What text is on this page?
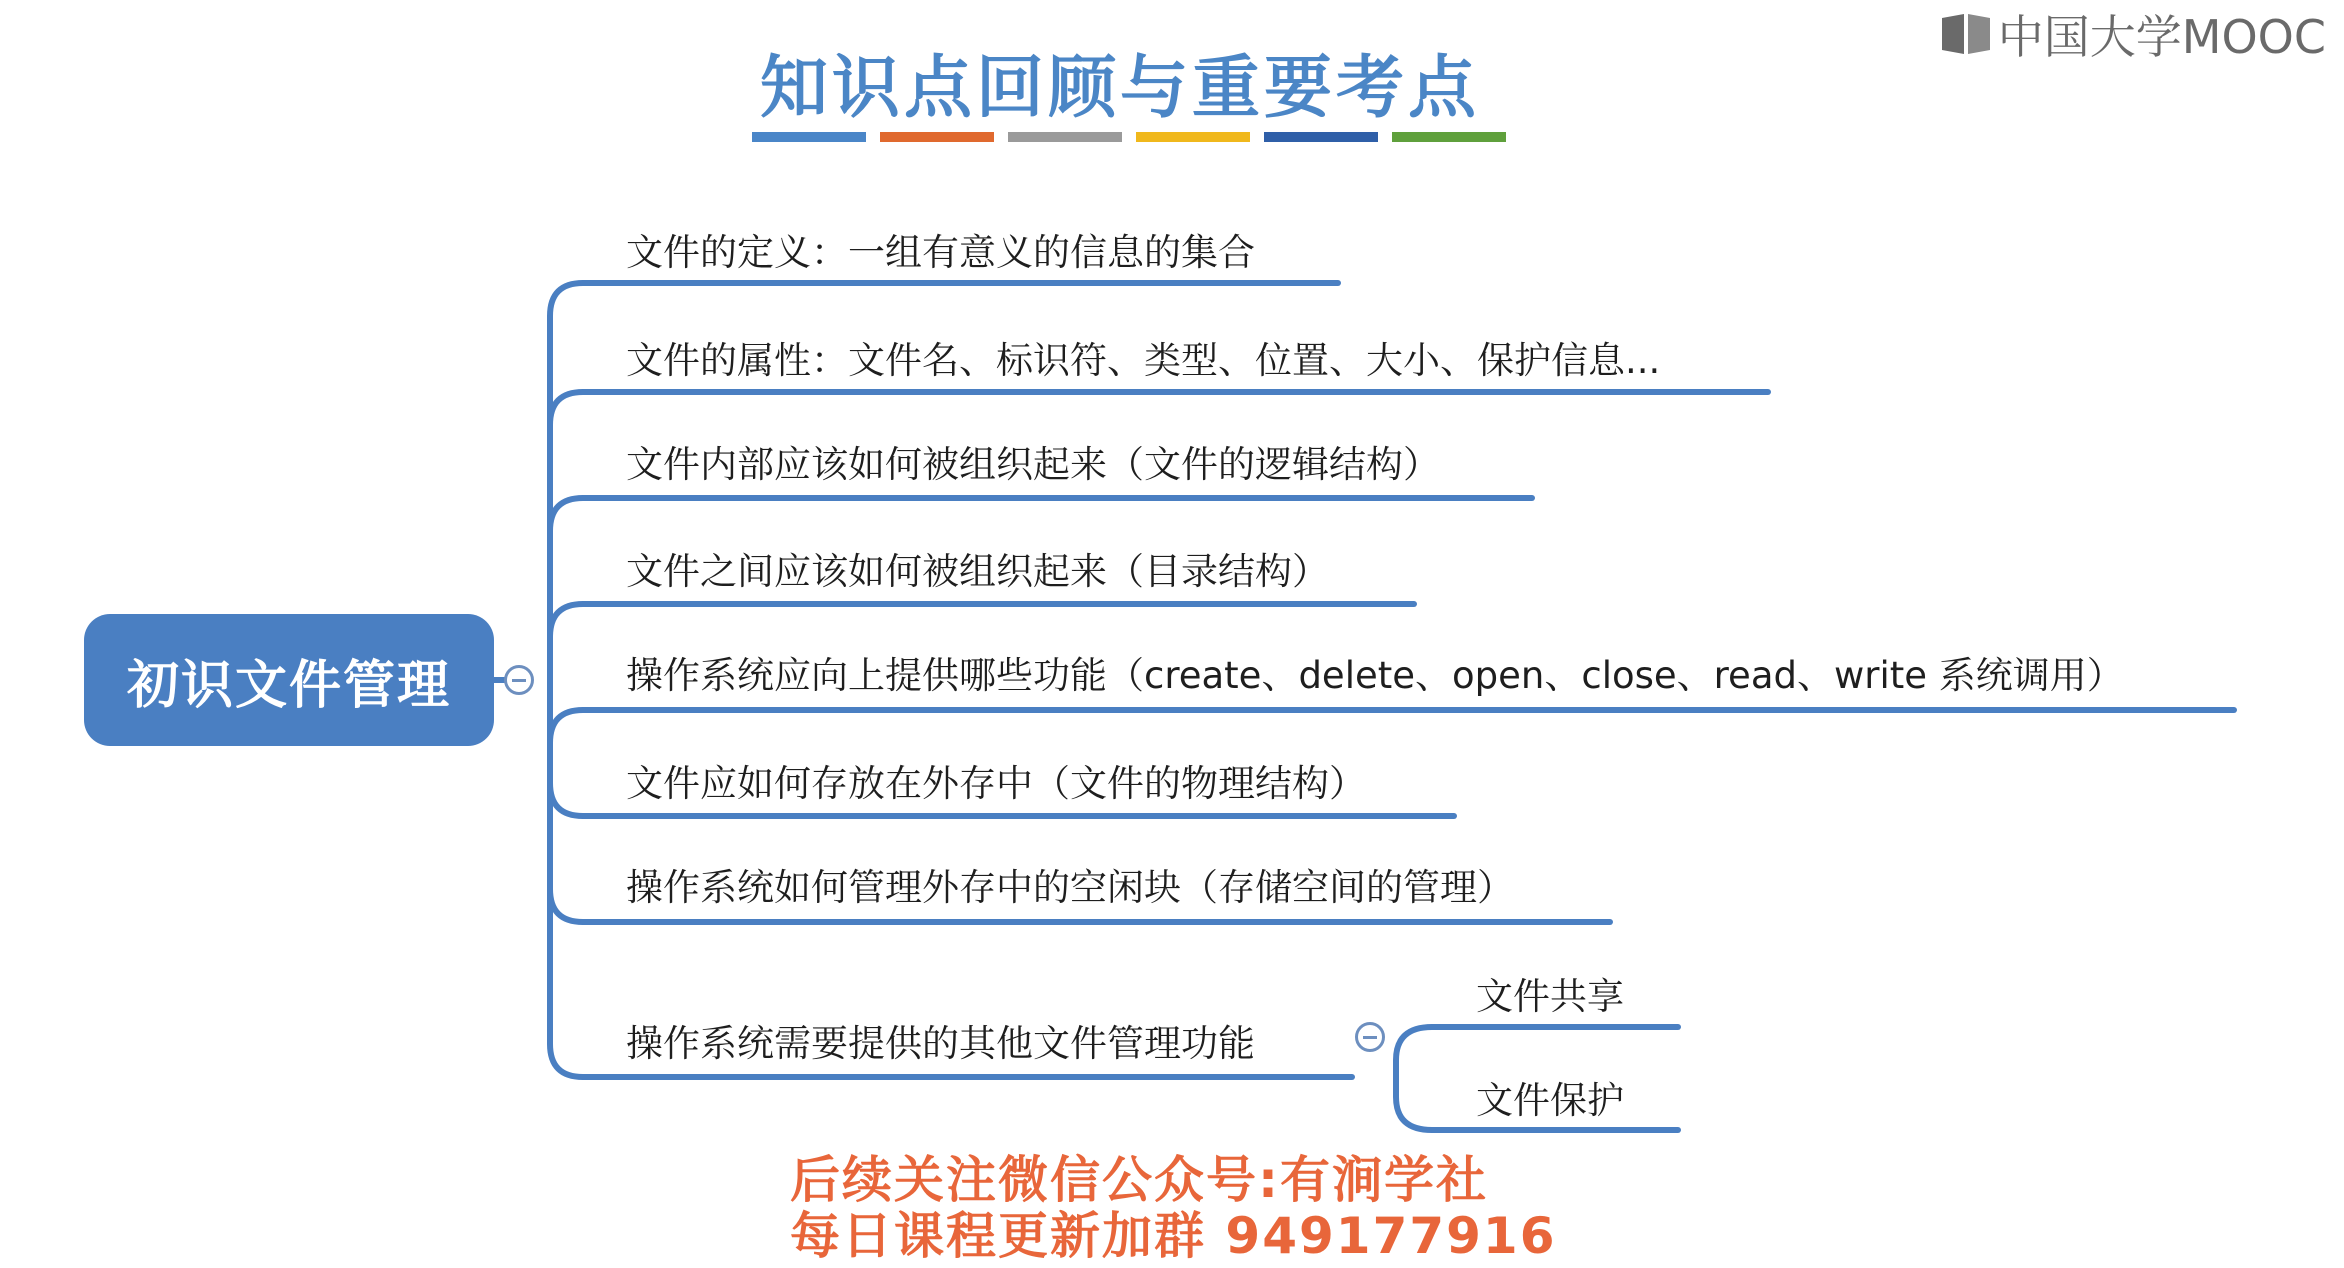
知识点回顾与重要考点
中国大学MOOC
初识文件管理
文件的定义：一组有意义的信息的集合
文件的属性：文件名、标识符、类型、位置、大小、保护信息...
文件内部应该如何被组织起来（文件的逻辑结构）
文件之间应该如何被组织起来（目录结构）
操作系统应向上提供哪些功能（create、delete、open、close、read、write 系统调用）
文件应如何存放在外存中（文件的物理结构）
操作系统如何管理外存中的空闲块（存储空间的管理）
操作系统需要提供的其他文件管理功能
文件共享
文件保护
后续关注微信公众号:有涧学社
每日课程更新加群 949177916
